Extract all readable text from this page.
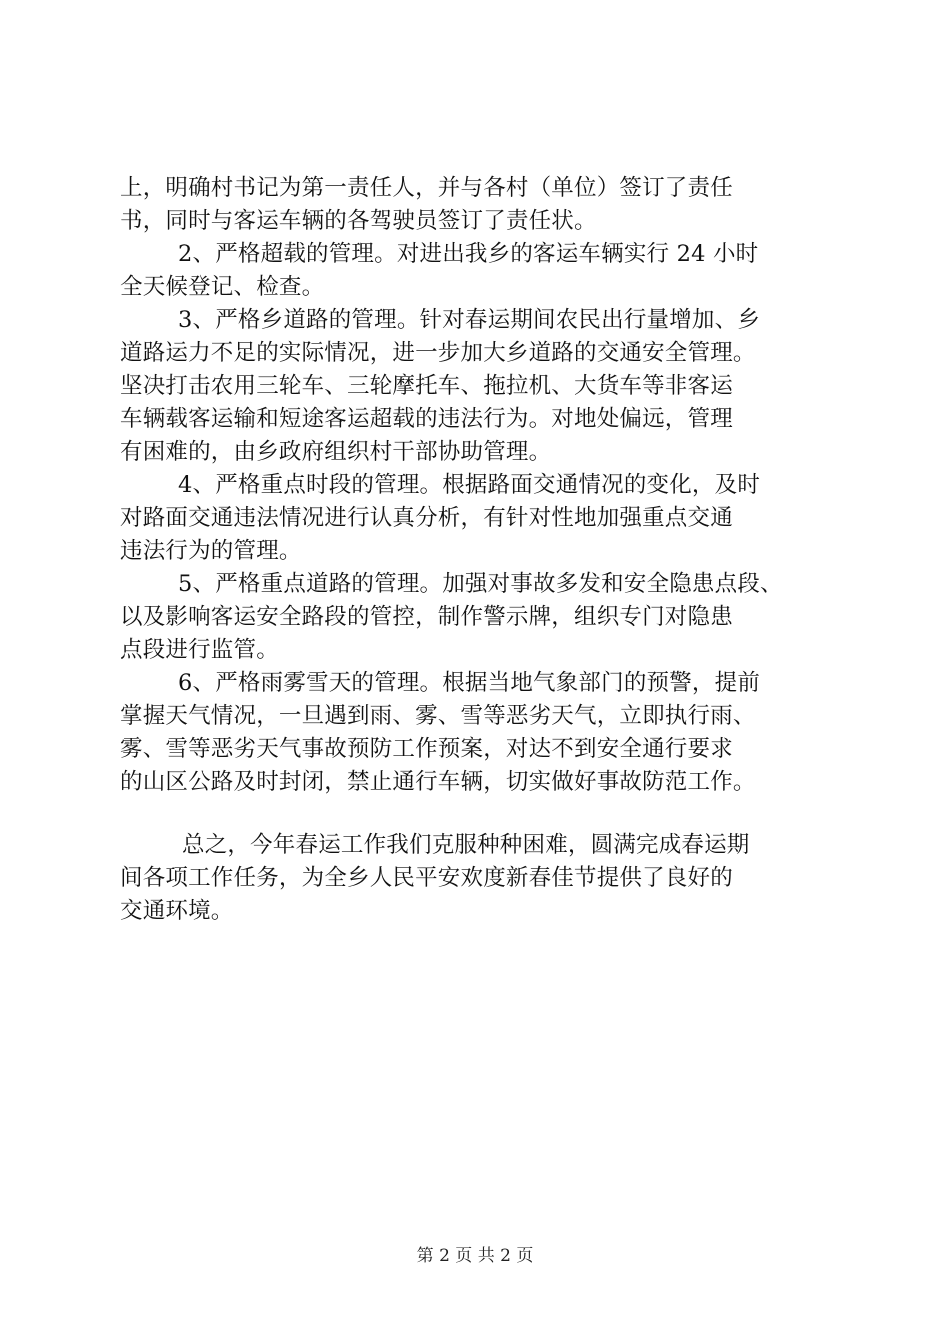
上，明确村书记为第一责任人，并与各村（单位）签订了责任
书，同时与客运车辆的各驾驶员签订了责任状。
2、严格超载的管理。对进出我乡的客运车辆实行 24 小时
全天候登记、检查。
3、严格乡道路的管理。针对春运期间农民出行量增加、乡
道路运力不足的实际情况，进一步加大乡道路的交通安全管理。
坚决打击农用三轮车、三轮摩托车、拖拉机、大货车等非客运
车辆载客运输和短途客运超载的违法行为。对地处偏远，管理
有困难的，由乡政府组织村干部协助管理。
4、严格重点时段的管理。根据路面交通情况的变化，及时
对路面交通违法情况进行认真分析，有针对性地加强重点交通
违法行为的管理。
5、严格重点道路的管理。加强对事故多发和安全隐患点段、
以及影响客运安全路段的管控，制作警示牌，组织专门对隐患
点段进行监管。
6、严格雨雾雪天的管理。根据当地气象部门的预警，提前
掌握天气情况，一旦遇到雨、雾、雪等恶劣天气，立即执行雨、
雾、雪等恶劣天气事故预防工作预案，对达不到安全通行要求
的山区公路及时封闭，禁止通行车辆，切实做好事故防范工作。
总之，今年春运工作我们克服种种困难，圆满完成春运期
间各项工作任务，为全乡人民平安欢度新春佳节提供了良好的
交通环境。
第 2 页 共 2 页
